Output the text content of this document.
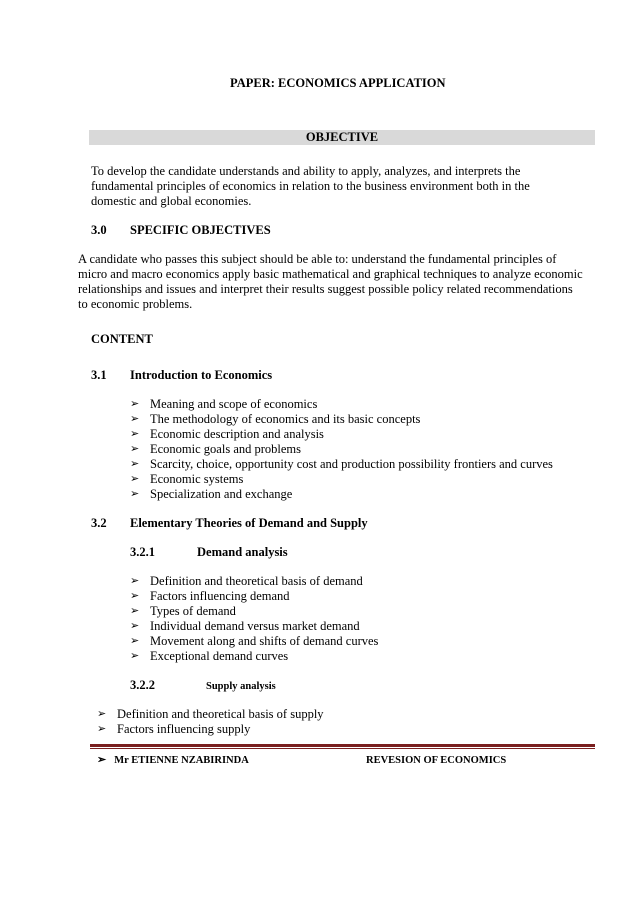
PAPER: ECONOMICS APPLICATION
OBJECTIVE
To develop the candidate understands and ability to apply, analyzes, and interprets the fundamental principles of economics in relation to the business environment both in the domestic and global economies.
3.0 SPECIFIC OBJECTIVES
A candidate who passes this subject should be able to: understand the fundamental principles of micro and macro economics apply basic mathematical and graphical techniques to analyze economic relationships and issues and interpret their results suggest possible policy related recommendations to economic problems.
CONTENT
3.1 Introduction to Economics
➢ Meaning and scope of economics
➢ The methodology of economics and its basic concepts
➢ Economic description and analysis
➢ Economic goals and problems
➢ Scarcity, choice, opportunity cost and production possibility frontiers and curves
➢ Economic systems
➢ Specialization and exchange
3.2 Elementary Theories of Demand and Supply
3.2.1	Demand analysis
➢ Definition and theoretical basis of demand
➢ Factors influencing demand
➢ Types of demand
➢ Individual demand versus market demand
➢ Movement along and shifts of demand curves
➢ Exceptional demand curves
3.2.2	Supply analysis
➢ Definition and theoretical basis of supply
➢ Factors influencing supply
➢ Mr ETIENNE NZABIRINDA	REVESION OF ECONOMICS
